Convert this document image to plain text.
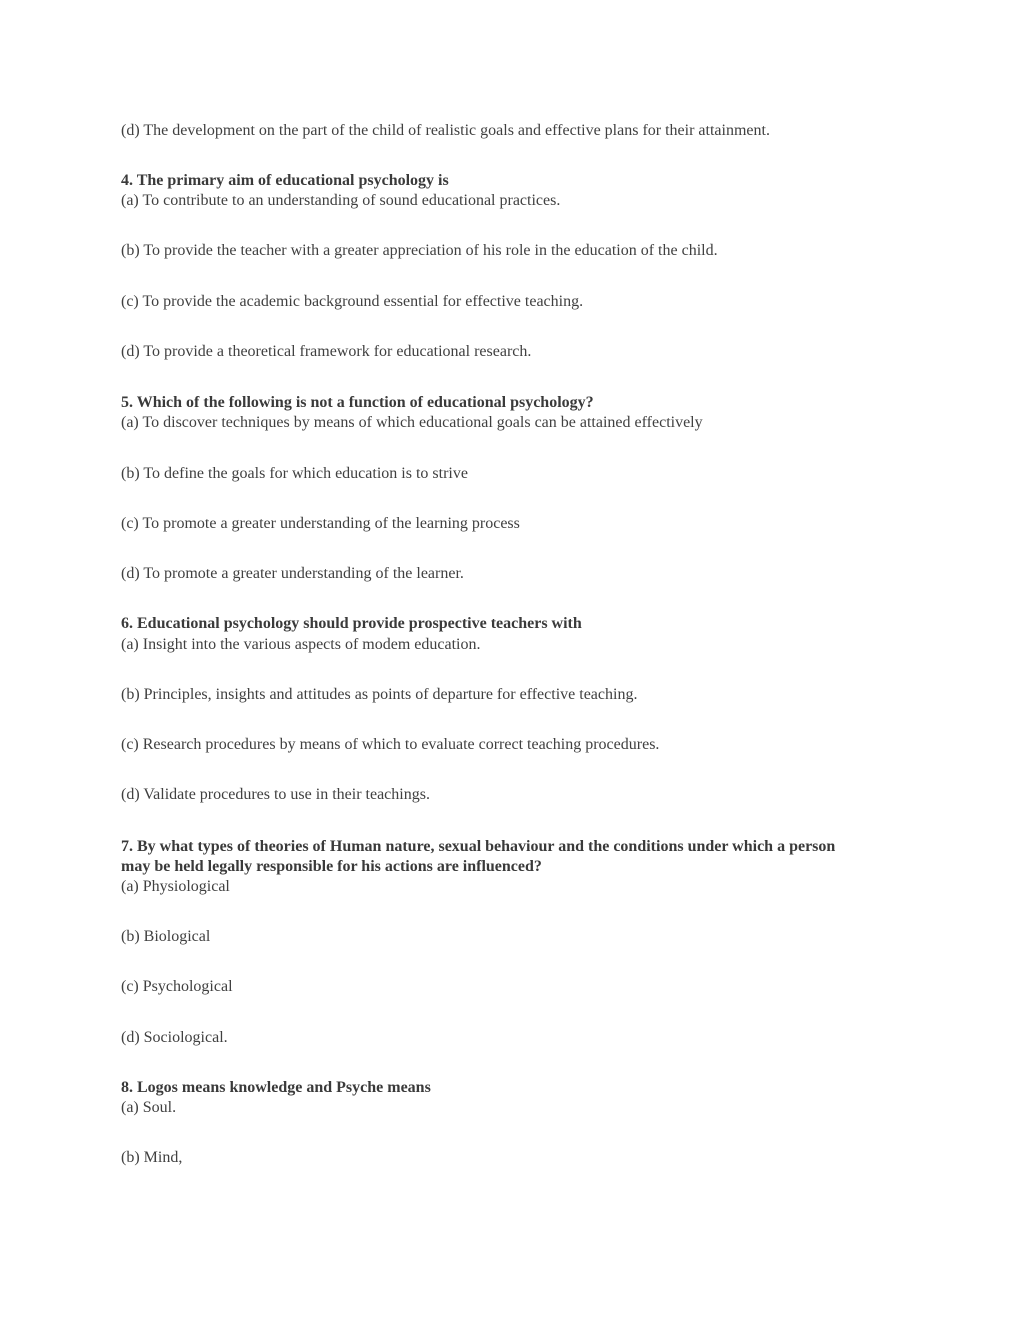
(d) The development on the part of the child of realistic goals and effective plans for their attainment.
4. The primary aim of educational psychology is
(a) To contribute to an understanding of sound educational practices.
(b) To provide the teacher with a greater appreciation of his role in the education of the child.
(c) To provide the academic background essential for effective teaching.
(d) To provide a theoretical framework for educational research.
5. Which of the following is not a function of educational psychology?
(a) To discover techniques by means of which educational goals can be attained effectively
(b) To define the goals for which education is to strive
(c) To promote a greater understanding of the learning process
(d) To promote a greater understanding of the learner.
6. Educational psychology should provide prospective teachers with
(a) Insight into the various aspects of modem education.
(b) Principles, insights and attitudes as points of departure for effective teaching.
(c) Research procedures by means of which to evaluate correct teaching procedures.
(d) Validate procedures to use in their teachings.
7. By what types of theories of Human nature, sexual behaviour and the conditions under which a person may be held legally responsible for his actions are influenced?
(a) Physiological
(b) Biological
(c) Psychological
(d) Sociological.
8. Logos means knowledge and Psyche means
(a) Soul.
(b) Mind,
